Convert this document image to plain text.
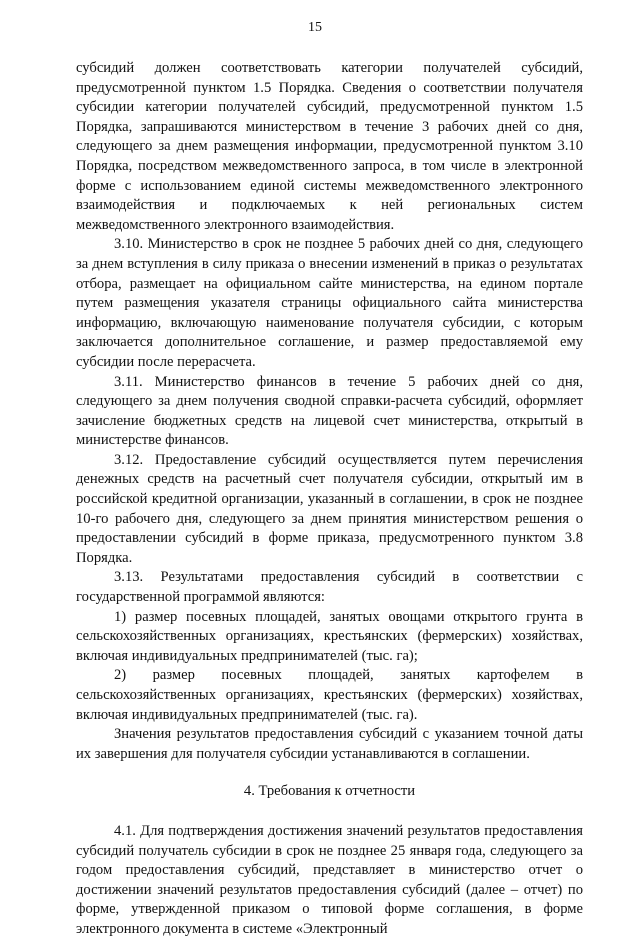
15

субсидий должен соответствовать категории получателей субсидий, предусмотренной пунктом 1.5 Порядка. Сведения о соответствии получателя субсидии категории получателей субсидий, предусмотренной пунктом 1.5 Порядка, запрашиваются министерством в течение 3 рабочих дней со дня, следующего за днем размещения информации, предусмотренной пунктом 3.10 Порядка, посредством межведомственного запроса, в том числе в электронной форме с использованием единой системы межведомственного электронного взаимодействия и подключаемых к ней региональных систем межведомственного электронного взаимодействия.

3.10. Министерство в срок не позднее 5 рабочих дней со дня, следующего за днем вступления в силу приказа о внесении изменений в приказ о результатах отбора, размещает на официальном сайте министерства, на едином портале путем размещения указателя страницы официального сайта министерства информацию, включающую наименование получателя субсидии, с которым заключается дополнительное соглашение, и размер предоставляемой ему субсидии после перерасчета.

3.11. Министерство финансов в течение 5 рабочих дней со дня, следующего за днем получения сводной справки-расчета субсидий, оформляет зачисление бюджетных средств на лицевой счет министерства, открытый в министерстве финансов.

3.12. Предоставление субсидий осуществляется путем перечисления денежных средств на расчетный счет получателя субсидии, открытый им в российской кредитной организации, указанный в соглашении, в срок не позднее 10-го рабочего дня, следующего за днем принятия министерством решения о предоставлении субсидий в форме приказа, предусмотренного пунктом 3.8 Порядка.

3.13. Результатами предоставления субсидий в соответствии с государственной программой являются:

1) размер посевных площадей, занятых овощами открытого грунта в сельскохозяйственных организациях, крестьянских (фермерских) хозяйствах, включая индивидуальных предпринимателей (тыс. га);

2) размер посевных площадей, занятых картофелем в сельскохозяйственных организациях, крестьянских (фермерских) хозяйствах, включая индивидуальных предпринимателей (тыс. га).

Значения результатов предоставления субсидий с указанием точной даты их завершения для получателя субсидии устанавливаются в соглашении.

4. Требования к отчетности

4.1. Для подтверждения достижения значений результатов предоставления субсидий получатель субсидии в срок не позднее 25 января года, следующего за годом предоставления субсидий, представляет в министерство отчет о достижении значений результатов предоставления субсидий (далее – отчет) по форме, утвержденной приказом о типовой форме соглашения, в форме электронного документа в системе «Электронный
